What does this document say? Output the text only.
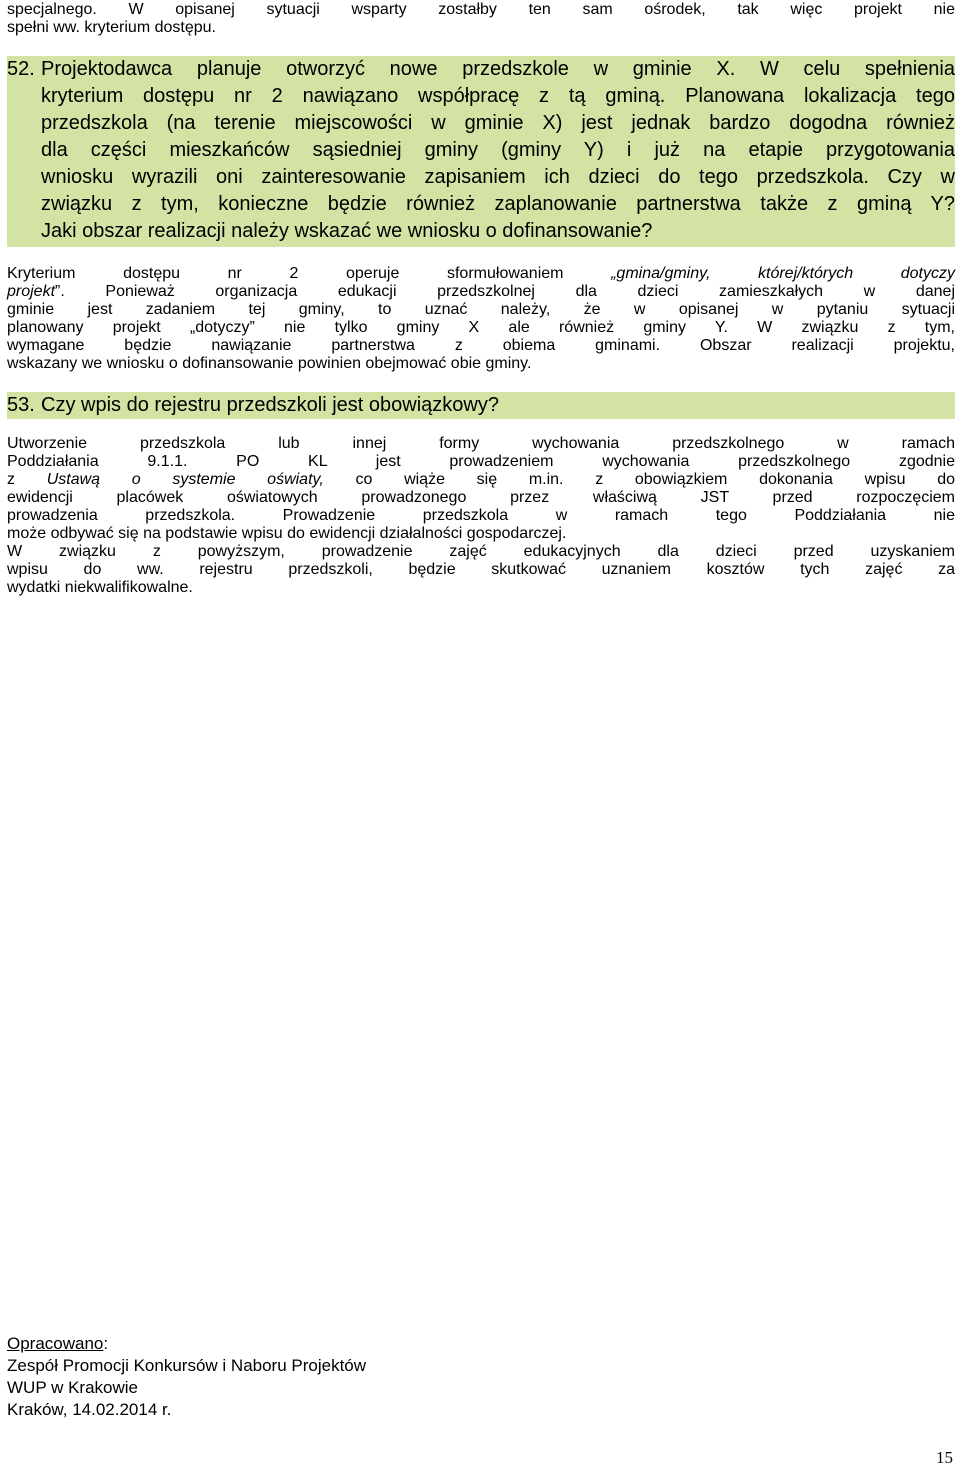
specjalnego. W opisanej sytuacji wsparty zostałby ten sam ośrodek, tak więc projekt nie
spełni ww. kryterium dostępu.
52. Projektodawca planuje otworzyć nowe przedszkole w gminie X. W celu spełnienia
kryterium dostępu nr 2 nawiązano współpracę z tą gminą. Planowana lokalizacja tego
przedszkola (na terenie miejscowości w gminie X) jest jednak bardzo dogodna również
dla części mieszkańców sąsiedniej gminy (gminy Y) i już na etapie przygotowania
wniosku wyrazili oni zainteresowanie zapisaniem ich dzieci do tego przedszkola. Czy w
związku z tym, konieczne będzie również zaplanowanie partnerstwa także z gminą Y?
Jaki obszar realizacji należy wskazać we wniosku o dofinansowanie?
Kryterium dostępu nr 2 operuje sformułowaniem „gmina/gminy, której/których dotyczy
projekt”. Ponieważ organizacja edukacji przedszkolnej dla dzieci zamieszkałych w danej
gminie jest zadaniem tej gminy, to uznać należy, że w opisanej w pytaniu sytuacji
planowany projekt „dotyczy” nie tylko gminy X ale również gminy Y. W związku z tym,
wymagane będzie nawiązanie partnerstwa z obiema gminami. Obszar realizacji projektu,
wskazany we wniosku o dofinansowanie powinien obejmować obie gminy.
53. Czy wpis do rejestru przedszkoli jest obowiązkowy?
Utworzenie przedszkola lub innej formy wychowania przedszkolnego w ramach
Poddziałania 9.1.1. PO KL jest prowadzeniem wychowania przedszkolnego zgodnie
z Ustawą o systemie oświaty, co wiąże się m.in. z obowiązkiem dokonania wpisu do
ewidencji placówek oświatowych prowadzonego przez właściwą JST przed rozpoczęciem
prowadzenia przedszkola. Prowadzenie przedszkola w ramach tego Poddziałania nie
może odbywać się na podstawie wpisu do ewidencji działalności gospodarczej.
W związku z powyższym, prowadzenie zajęć edukacyjnych dla dzieci przed uzyskaniem
wpisu do ww. rejestru przedszkoli, będzie skutkować uznaniem kosztów tych zajęć za
wydatki niekwalifikowalne.
Opracowano:
Zespół Promocji Konkursów i Naboru Projektów
WUP w Krakowie
Kraków, 14.02.2014 r.
15
